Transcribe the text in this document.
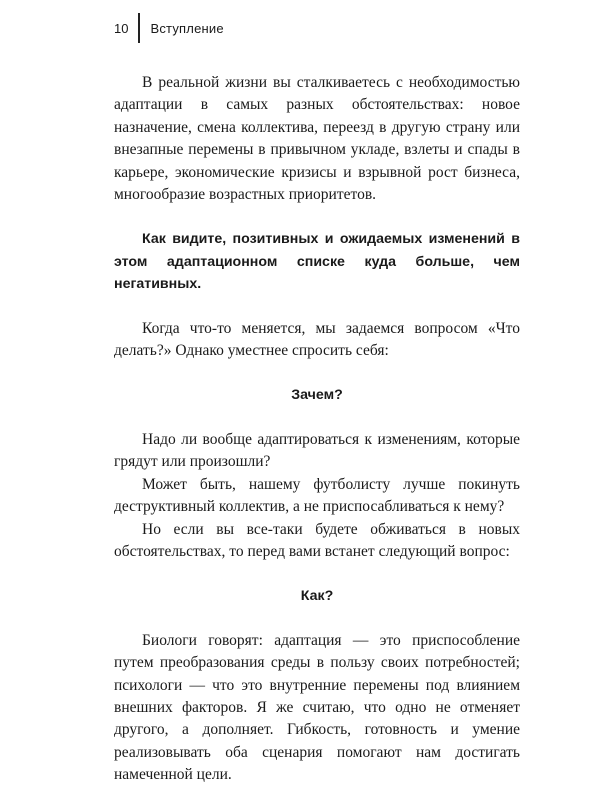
10 Вступление

В реальной жизни вы сталкиваетесь с необходимостью адаптации в самых разных обстоятельствах: новое назначение, смена коллектива, переезд в другую страну или внезапные перемены в привычном укладе, взлеты и спады в карьере, экономические кризисы и взрывной рост бизнеса, многообразие возрастных приоритетов.

Как видите, позитивных и ожидаемых изменений в этом адаптационном списке куда больше, чем негативных.

Когда что-то меняется, мы задаемся вопросом «Что делать?» Однако уместнее спросить себя:

Зачем?

Надо ли вообще адаптироваться к изменениям, которые грядут или произошли?

Может быть, нашему футболисту лучше покинуть деструктивный коллектив, а не приспосабливаться к нему?

Но если вы все-таки будете обживаться в новых обстоятельствах, то перед вами встанет следующий вопрос:

Как?

Биологи говорят: адаптация — это приспособление путем преобразования среды в пользу своих потребностей; психологи — что это внутренние перемены под влиянием внешних факторов. Я же считаю, что одно не отменяет другого, а дополняет. Гибкость, готовность и умение реализовывать оба сценария помогают нам достигать намеченной цели.
